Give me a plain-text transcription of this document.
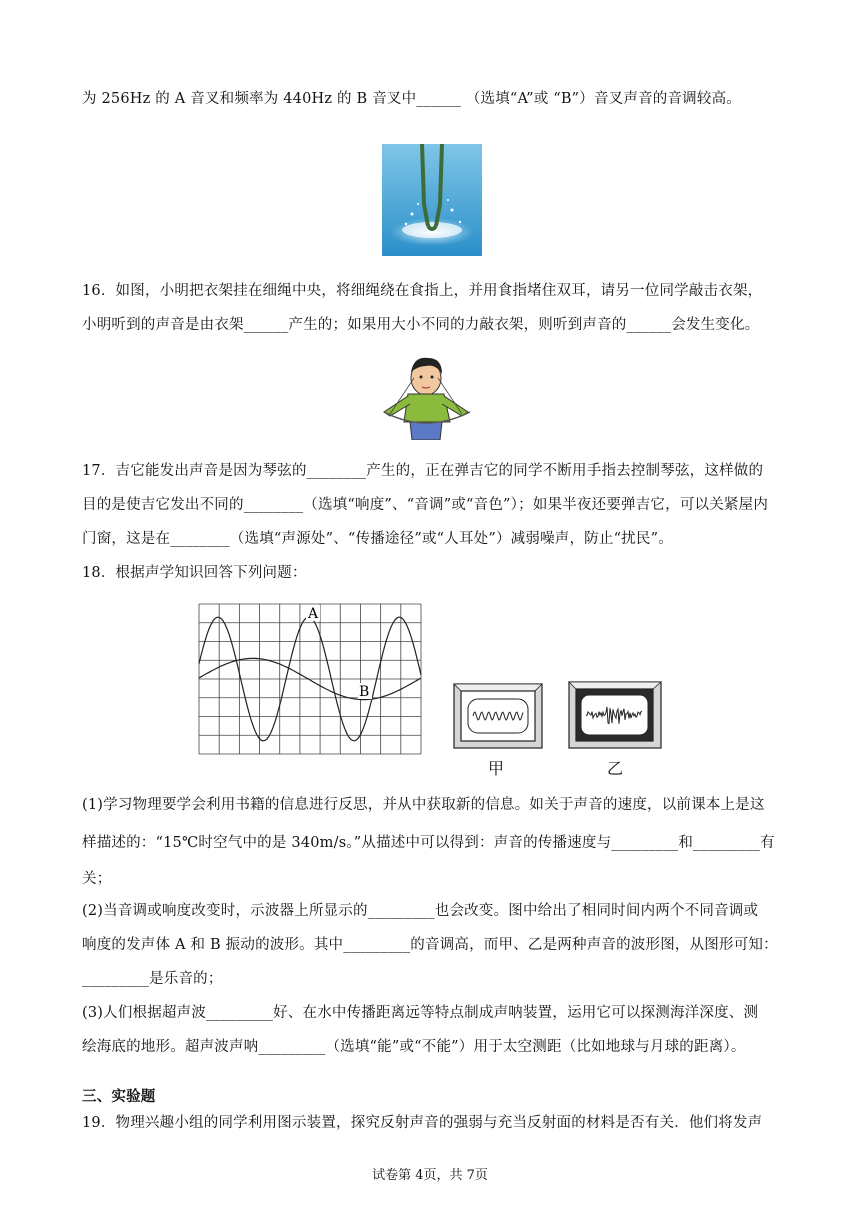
为 256Hz 的 A 音叉和频率为 440Hz 的 B 音叉中______ （选填“A”或 “B”）音叉声音的音调较高。
16．如图，小明把衣架挂在细绳中央，将细绳绕在食指上，并用食指堵住双耳，请另一位同学敲击衣架，
小明听到的声音是由衣架______产生的；如果用大小不同的力敲衣架，则听到声音的______会发生变化。
17．吉它能发出声音是因为琴弦的________产生的，正在弹吉它的同学不断用手指去控制琴弦，这样做的
目的是使吉它发出不同的________（选填“响度”、“音调”或“音色”）；如果半夜还要弹吉它，可以关紧屋内
门窗，这是在________（选填“声源处”、“传播途径”或“人耳处”）减弱噪声，防止“扰民”。
18．根据声学知识回答下列问题：
A
B
甲	乙
(1)学习物理要学会利用书籍的信息进行反思，并从中获取新的信息。如关于声音的速度，以前课本上是这
样描述的：“15℃时空气中的是 340m/s。”从描述中可以得到：声音的传播速度与_________和_________有
关；
(2)当音调或响度改变时，示波器上所显示的_________也会改变。图中给出了相同时间内两个不同音调或
响度的发声体 A 和 B 振动的波形。其中_________的音调高，而甲、乙是两种声音的波形图，从图形可知：
_________是乐音的；
(3)人们根据超声波_________好、在水中传播距离远等特点制成声呐装置，运用它可以探测海洋深度、测
绘海底的地形。超声波声呐_________（选填“能”或“不能”）用于太空测距（比如地球与月球的距离）。
三、实验题
19．物理兴趣小组的同学利用图示装置，探究反射声音的强弱与充当反射面的材料是否有关．他们将发声
试卷第 4页，共 7页
